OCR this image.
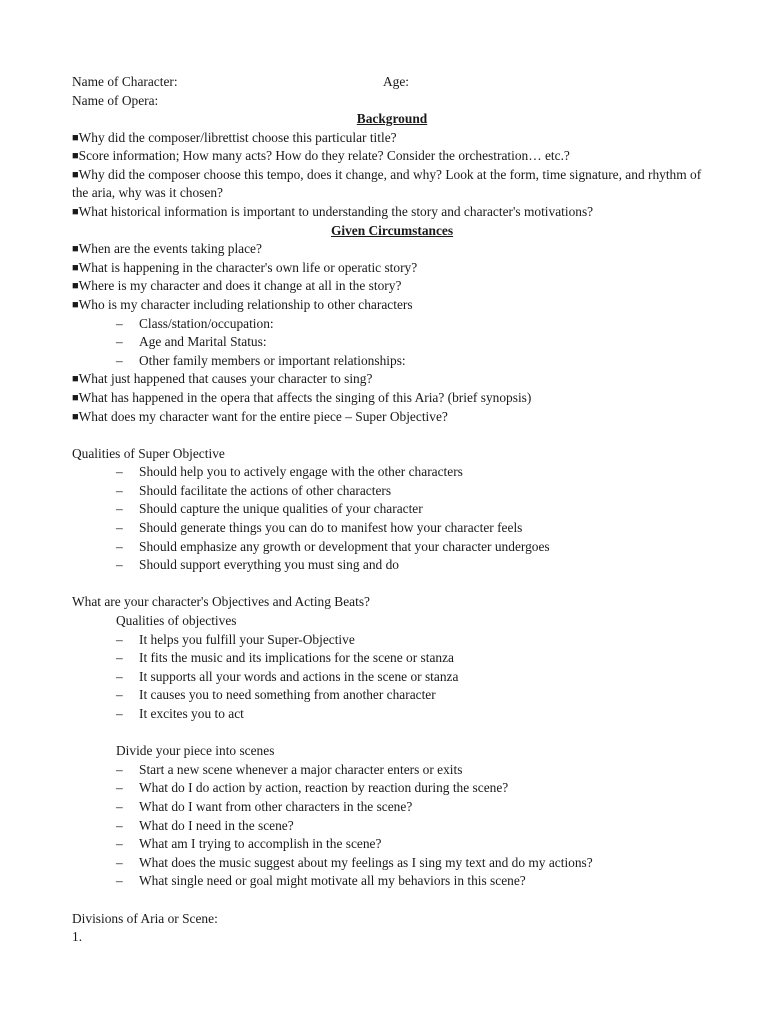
Name of Character:	Age:
Name of Opera:
Background
■Why did the composer/librettist choose this particular title?
■Score information; How many acts? How do they relate? Consider the orchestration… etc.?
■Why did the composer choose this tempo, does it change, and why? Look at the form, time signature, and rhythm of the aria, why was it chosen?
■What historical information is important to understanding the story and character's motivations?
Given Circumstances
■When are the events taking place?
■What is happening in the character's own life or operatic story?
■Where is my character and does it change at all in the story?
■Who is my character including relationship to other characters
– Class/station/occupation:
– Age and Marital Status:
– Other family members or important relationships:
■What just happened that causes your character to sing?
■What has happened in the opera that affects the singing of this Aria? (brief synopsis)
■What does my character want for the entire piece – Super Objective?
Qualities of Super Objective
– Should help you to actively engage with the other characters
– Should facilitate the actions of other characters
– Should capture the unique qualities of your character
– Should generate things you can do to manifest how your character feels
– Should emphasize any growth or development that your character undergoes
– Should support everything you must sing and do
What are your character's Objectives and Acting Beats?
Qualities of objectives
– It helps you fulfill your Super-Objective
– It fits the music and its implications for the scene or stanza
– It supports all your words and actions in the scene or stanza
– It causes you to need something from another character
– It excites you to act
Divide your piece into scenes
– Start a new scene whenever a major character enters or exits
– What do I do action by action, reaction by reaction during the scene?
– What do I want from other characters in the scene?
– What do I need in the scene?
– What am I trying to accomplish in the scene?
– What does the music suggest about my feelings as I sing my text and do my actions?
– What single need or goal might motivate all my behaviors in this scene?
Divisions of Aria or Scene:
1.
